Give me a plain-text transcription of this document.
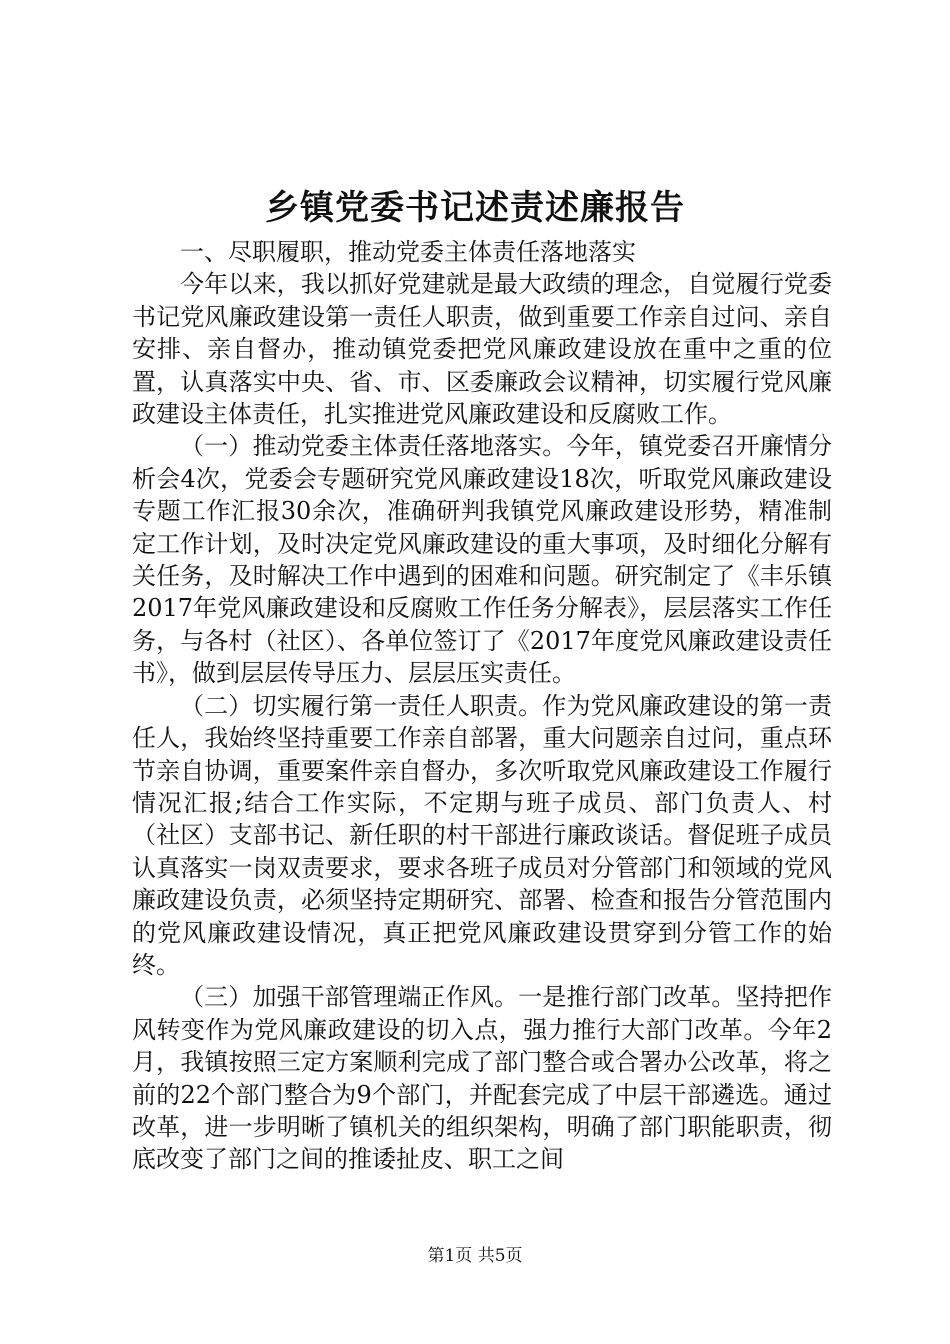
乡镇党委书记述责述廉报告

一、尽职履职，推动党委主体责任落地落实

今年以来，我以抓好党建就是最大政绩的理念，自觉履行党委书记党风廉政建设第一责任人职责，做到重要工作亲自过问、亲自安排、亲自督办，推动镇党委把党风廉政建设放在重中之重的位置，认真落实中央、省、市、区委廉政会议精神，切实履行党风廉政建设主体责任，扎实推进党风廉政建设和反腐败工作。

（一）推动党委主体责任落地落实。今年，镇党委召开廉情分析会4次，党委会专题研究党风廉政建设18次，听取党风廉政建设专题工作汇报30余次，准确研判我镇党风廉政建设形势，精准制定工作计划，及时决定党风廉政建设的重大事项，及时细化分解有关任务，及时解决工作中遇到的困难和问题。研究制定了《丰乐镇2017年党风廉政建设和反腐败工作任务分解表》，层层落实工作任务，与各村（社区）、各单位签订了《2017年度党风廉政建设责任书》，做到层层传导压力、层层压实责任。

（二）切实履行第一责任人职责。作为党风廉政建设的第一责任人，我始终坚持重要工作亲自部署，重大问题亲自过问，重点环节亲自协调，重要案件亲自督办，多次听取党风廉政建设工作履行情况汇报;结合工作实际，不定期与班子成员、部门负责人、村（社区）支部书记、新任职的村干部进行廉政谈话。督促班子成员认真落实一岗双责要求，要求各班子成员对分管部门和领域的党风廉政建设负责，必须坚持定期研究、部署、检查和报告分管范围内的党风廉政建设情况，真正把党风廉政建设贯穿到分管工作的始终。

（三）加强干部管理端正作风。一是推行部门改革。坚持把作风转变作为党风廉政建设的切入点，强力推行大部门改革。今年2月，我镇按照三定方案顺利完成了部门整合或合署办公改革，将之前的22个部门整合为9个部门，并配套完成了中层干部遴选。通过改革，进一步明晰了镇机关的组织架构，明确了部门职能职责，彻底改变了部门之间的推诿扯皮、职工之间

第1页 共5页
